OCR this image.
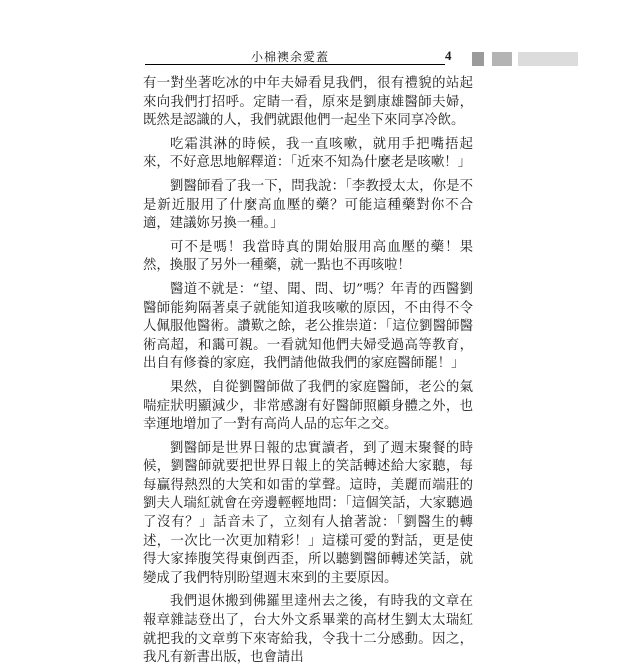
小棉襖余愛蓋	4

有一對坐著吃冰的中年夫婦看見我們，很有禮貌的站起來向我們打招呼。定睛一看，原來是劉康雄醫師夫婦，既然是認識的人，我們就跟他們一起坐下來同享冷飲。

吃霜淇淋的時候，我一直咳嗽，就用手把嘴捂起來，不好意思地解釋道：「近來不知為什麼老是咳嗽！」

劉醫師看了我一下，問我說：「李教授太太，你是不是新近服用了什麼高血壓的藥？可能這種藥對你不合適，建議妳另換一種。」

可不是嗎！我當時真的開始服用高血壓的藥！果然，換服了另外一種藥，就一點也不再咳啦！

醫道不就是：“望、聞、問、切”嗎？年青的西醫劉醫師能夠隔著桌子就能知道我咳嗽的原因，不由得不令人佩服他醫術。讚歎之餘，老公推崇道：「這位劉醫師醫術高超，和靄可親。一看就知他們夫婦受過高等教育，出自有修養的家庭，我們請他做我們的家庭醫師罷！」

果然，自從劉醫師做了我們的家庭醫師，老公的氣喘症狀明顯減少，非常感謝有好醫師照顧身體之外，也幸運地增加了一對有高尚人品的忘年之交。

劉醫師是世界日報的忠實讀者，到了週末聚餐的時候，劉醫師就要把世界日報上的笑話轉述給大家聽，每每贏得熱烈的大笑和如雷的掌聲。這時，美麗而端莊的劉夫人瑞紅就會在旁邊輕輕地問：「這個笑話，大家聽過了沒有？」話音未了，立刻有人搶著說：「劉醫生的轉述，一次比一次更加精彩！」這樣可愛的對話，更是使得大家捧腹笑得東倒西歪，所以聽劉醫師轉述笑話，就變成了我們特別盼望週末來到的主要原因。

我們退休搬到佛羅里達州去之後，有時我的文章在報章雜誌登出了，台大外文系畢業的高材生劉太太瑞紅就把我的文章剪下來寄給我，令我十二分感動。因之，我凡有新書出版，也會請出
